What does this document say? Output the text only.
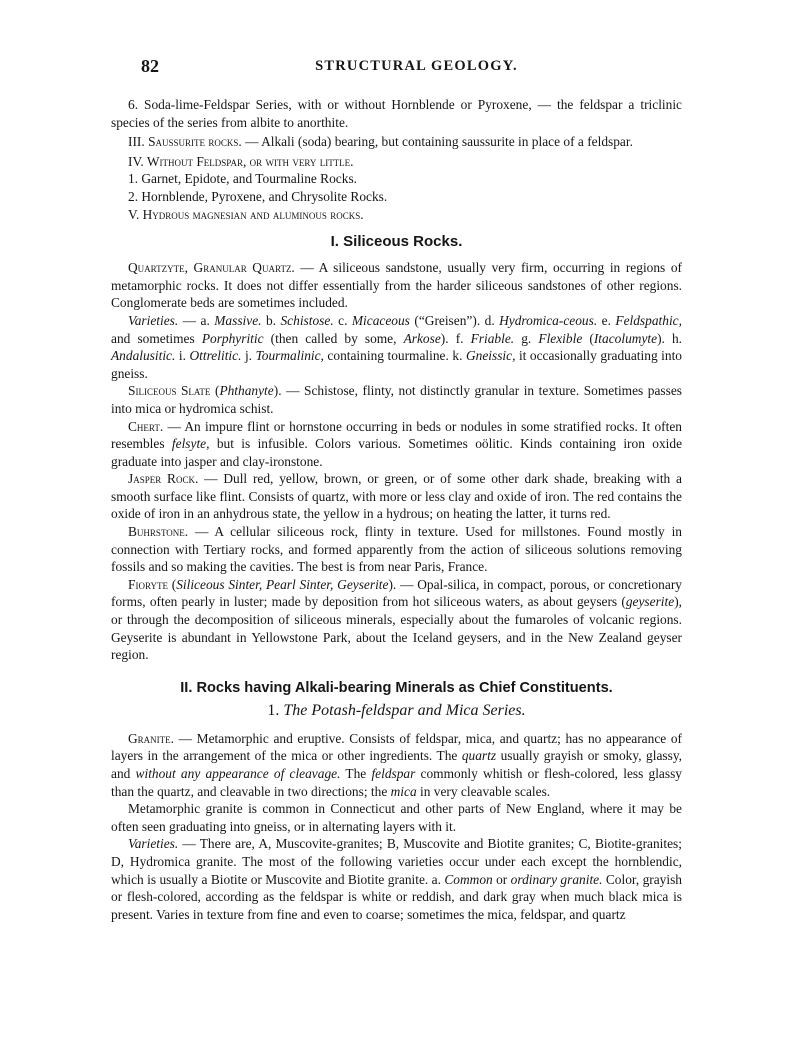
82	STRUCTURAL GEOLOGY.

6. Soda-lime-Feldspar Series, with or without Hornblende or Pyroxene, — the feldspar a triclinic species of the series from albite to anorthite.

III. Saussurite rocks. — Alkali (soda) bearing, but containing saussurite in place of a feldspar.

IV. Without Feldspar, or with very little.

1. Garnet, Epidote, and Tourmaline Rocks.

2. Hornblende, Pyroxene, and Chrysolite Rocks.

V. Hydrous magnesian and aluminous rocks.

I. Siliceous Rocks.

Quartzyte, Granular Quartz. — A siliceous sandstone, usually very firm, occurring in regions of metamorphic rocks. It does not differ essentially from the harder siliceous sandstones of other regions. Conglomerate beds are sometimes included.

Varieties. — a. Massive. b. Schistose. c. Micaceous (“Greisen”). d. Hydromica-ceous. e. Feldspathic, and sometimes Porphyritic (then called by some, Arkose). f. Friable. g. Flexible (Itacolumyte). h. Andalusitic. i. Ottrelitic. j. Tourmalinic, containing tourmaline. k. Gneissic, it occasionally graduating into gneiss.

Siliceous Slate (Phthanyte). — Schistose, flinty, not distinctly granular in texture. Sometimes passes into mica or hydromica schist.

Chert. — An impure flint or hornstone occurring in beds or nodules in some stratified rocks. It often resembles felsyte, but is infusible. Colors various. Sometimes oölitic. Kinds containing iron oxide graduate into jasper and clay-ironstone.

Jasper Rock. — Dull red, yellow, brown, or green, or of some other dark shade, breaking with a smooth surface like flint. Consists of quartz, with more or less clay and oxide of iron. The red contains the oxide of iron in an anhydrous state, the yellow in a hydrous; on heating the latter, it turns red.

Buhrstone. — A cellular siliceous rock, flinty in texture. Used for millstones. Found mostly in connection with Tertiary rocks, and formed apparently from the action of siliceous solutions removing fossils and so making the cavities. The best is from near Paris, France.

Fioryte (Siliceous Sinter, Pearl Sinter, Geyserite). — Opal-silica, in compact, porous, or concretionary forms, often pearly in luster; made by deposition from hot siliceous waters, as about geysers (geyserite), or through the decomposition of siliceous minerals, especially about the fumaroles of volcanic regions. Geyserite is abundant in Yellowstone Park, about the Iceland geysers, and in the New Zealand geyser region.

II. Rocks having Alkali-bearing Minerals as Chief Constituents.
1. The Potash-feldspar and Mica Series.

Granite. — Metamorphic and eruptive. Consists of feldspar, mica, and quartz; has no appearance of layers in the arrangement of the mica or other ingredients. The quartz usually grayish or smoky, glassy, and without any appearance of cleavage. The feldspar commonly whitish or flesh-colored, less glassy than the quartz, and cleavable in two directions; the mica in very cleavable scales.

Metamorphic granite is common in Connecticut and other parts of New England, where it may be often seen graduating into gneiss, or in alternating layers with it.

Varieties. — There are, A, Muscovite-granites; B, Muscovite and Biotite granites; C, Biotite-granites; D, Hydromica granite. The most of the following varieties occur under each except the hornblendic, which is usually a Biotite or Muscovite and Biotite granite. a. Common or ordinary granite. Color, grayish or flesh-colored, according as the feldspar is white or reddish, and dark gray when much black mica is present. Varies in texture from fine and even to coarse; sometimes the mica, feldspar, and quartz
